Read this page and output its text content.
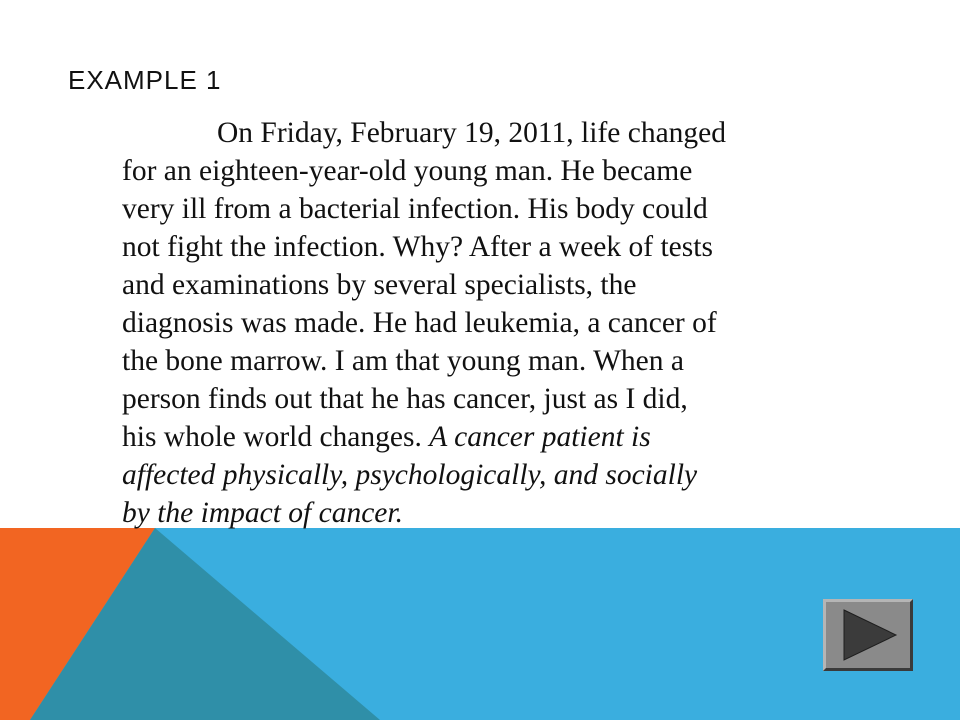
EXAMPLE 1
On Friday, February 19, 2011, life changed
for an eighteen-year-old young man. He became
very ill from a bacterial infection. His body could
not fight the infection. Why? After a week of tests
and examinations by several specialists, the
diagnosis was made. He had leukemia, a cancer of
the bone marrow. I am that young man. When a
person finds out that he has cancer, just as I did,
his whole world changes. A cancer patient is
affected physically, psychologically, and socially
by the impact of cancer.
